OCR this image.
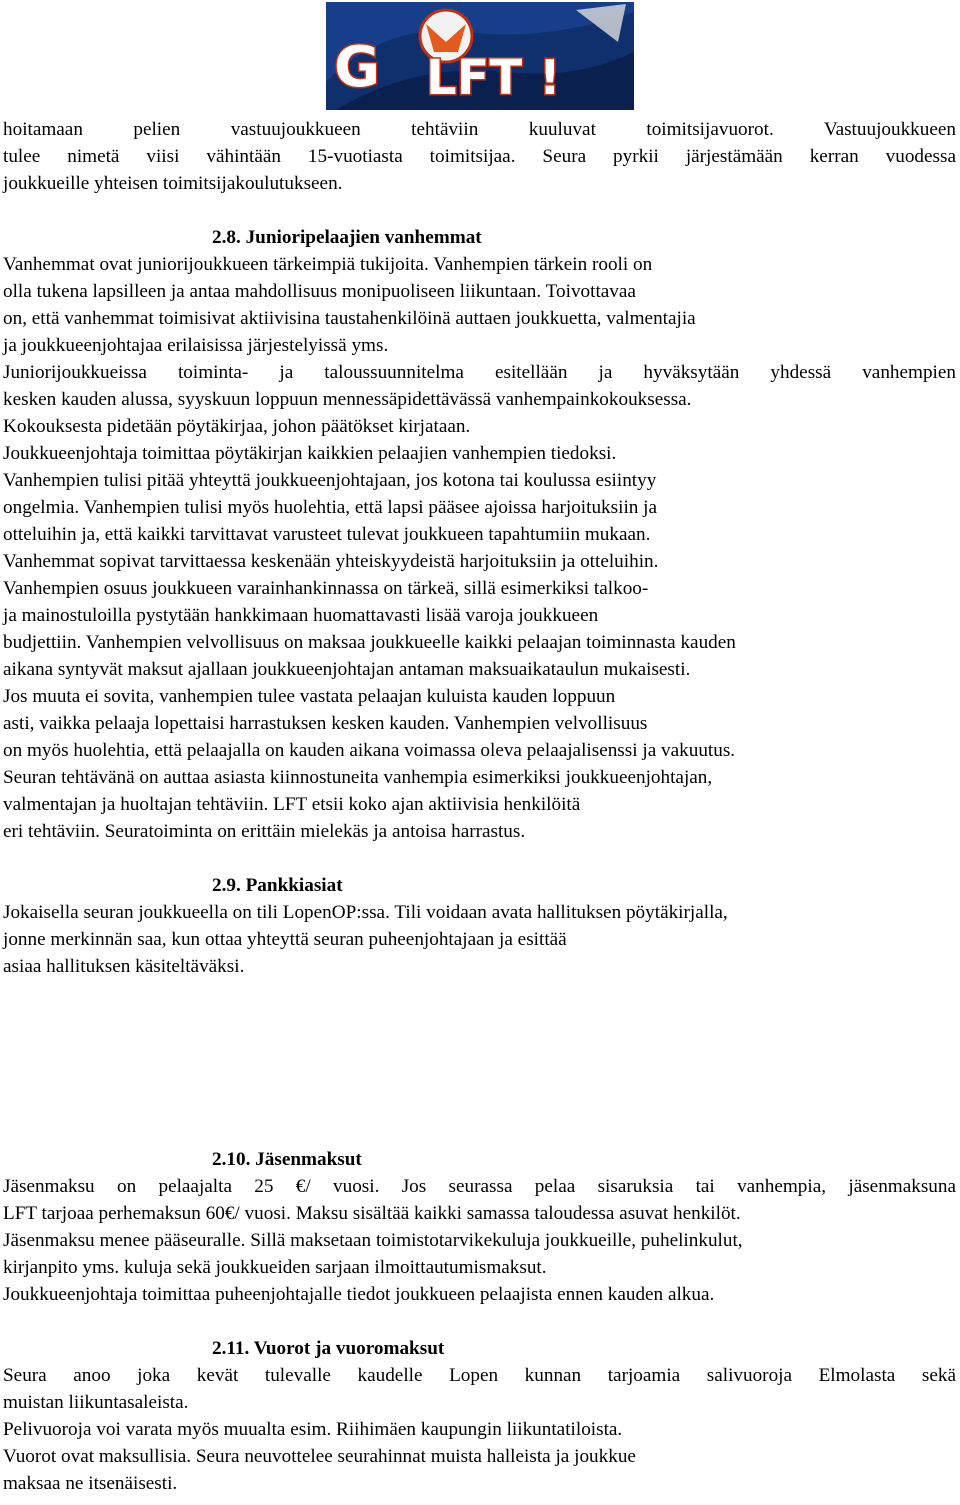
G LFT !
hoitamaan pelien vastuujoukkueen tehtäviin kuuluvat toimitsijavuorot. Vastuujoukkueen
tulee nimetä viisi vähintään 15-vuotiasta toimitsijaa. Seura pyrkii järjestämään kerran vuodessa
joukkueille yhteisen toimitsijakoulutukseen.
2.8. Junioripelaajien vanhemmat
Vanhemmat ovat juniorijoukkueen tärkeimpiä tukijoita. Vanhempien tärkein rooli on
olla tukena lapsilleen ja antaa mahdollisuus monipuoliseen liikuntaan. Toivottavaa
on, että vanhemmat toimisivat aktiivisina taustahenkilöinä auttaen joukkuetta, valmentajia
ja joukkueenjohtajaa erilaisissa järjestelyissä yms.
Juniorijoukkueissa toiminta- ja taloussuunnitelma esitellään ja hyväksytään yhdessä vanhempien
kesken kauden alussa, syyskuun loppuun mennessäpidettävässä vanhempainkokouksessa.
Kokouksesta pidetään pöytäkirjaa, johon päätökset kirjataan.
Joukkueenjohtaja toimittaa pöytäkirjan kaikkien pelaajien vanhempien tiedoksi.
Vanhempien tulisi pitää yhteyttä joukkueenjohtajaan, jos kotona tai koulussa esiintyy
ongelmia. Vanhempien tulisi myös huolehtia, että lapsi pääsee ajoissa harjoituksiin ja
otteluihin ja, että kaikki tarvittavat varusteet tulevat joukkueen tapahtumiin mukaan.
Vanhemmat sopivat tarvittaessa keskenään yhteiskyydeistä harjoituksiin ja otteluihin.
Vanhempien osuus joukkueen varainhankinnassa on tärkeä, sillä esimerkiksi talkoo-
ja mainostuloilla pystytään hankkimaan huomattavasti lisää varoja joukkueen
budjettiin. Vanhempien velvollisuus on maksaa joukkueelle kaikki pelaajan toiminnasta kauden
aikana syntyvät maksut ajallaan joukkueenjohtajan antaman maksuaikataulun mukaisesti.
Jos muuta ei sovita, vanhempien tulee vastata pelaajan kuluista kauden loppuun
asti, vaikka pelaaja lopettaisi harrastuksen kesken kauden. Vanhempien velvollisuus
on myös huolehtia, että pelaajalla on kauden aikana voimassa oleva pelaajalisenssi ja vakuutus.
Seuran tehtävänä on auttaa asiasta kiinnostuneita vanhempia esimerkiksi joukkueenjohtajan,
valmentajan ja huoltajan tehtäviin. LFT etsii koko ajan aktiivisia henkilöitä
eri tehtäviin. Seuratoiminta on erittäin mielekäs ja antoisa harrastus.
2.9. Pankkiasiat
Jokaisella seuran joukkueella on tili LopenOP:ssa. Tili voidaan avata hallituksen pöytäkirjalla,
jonne merkinnän saa, kun ottaa yhteyttä seuran puheenjohtajaan ja esittää
asiaa hallituksen käsiteltäväksi.
2.10. Jäsenmaksut
Jäsenmaksu on pelaajalta 25 €/ vuosi. Jos seurassa pelaa sisaruksia tai vanhempia, jäsenmaksuna
LFT tarjoaa perhemaksun 60€/ vuosi. Maksu sisältää kaikki samassa taloudessa asuvat henkilöt.
Jäsenmaksu menee pääseuralle. Sillä maksetaan toimistotarvikekuluja joukkueille, puhelinkulut,
kirjanpito yms. kuluja sekä joukkueiden sarjaan ilmoittautumismaksut.
Joukkueenjohtaja toimittaa puheenjohtajalle tiedot joukkueen pelaajista ennen kauden alkua.
2.11. Vuorot ja vuoromaksut
Seura anoo joka kevät tulevalle kaudelle Lopen kunnan tarjoamia salivuoroja Elmolasta sekä
muistan liikuntasaleista.
Pelivuoroja voi varata myös muualta esim. Riihimäen kaupungin liikuntatiloista.
Vuorot ovat maksullisia. Seura neuvottelee seurahinnat muista halleista ja joukkue
maksaa ne itsenäisesti.
